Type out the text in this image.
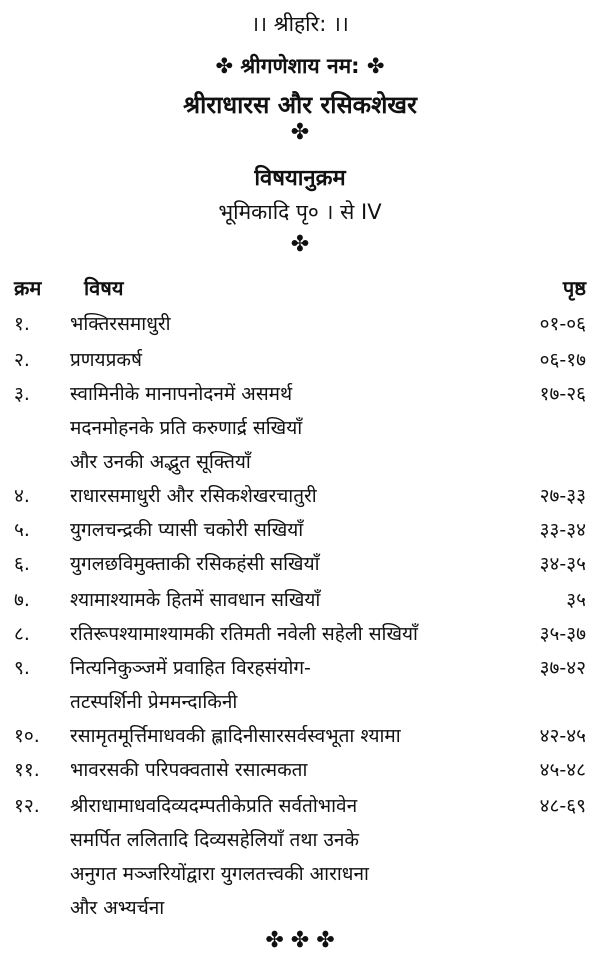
।। श्रीहरि: ।।
✤ श्रीगणेशाय नम: ✤
श्रीराधारस और रसिकशेखर
✤
विषयानुक्रम
भूमिकादि पृ० । से IV
✤
क्रम विषय	पृष्ठ
१. भक्तिरसमाधुरी	०१-०६
२. प्रणयप्रकर्ष	०६-१७
३. स्वामिनीके मानापनोदनमें असमर्थ	१७-२६
मदनमोहनके प्रति करुणार्द्र सखियाँ
और उनकी अद्भुत सूक्तियाँ
४. राधारसमाधुरी और रसिकशेखरचातुरी	२७-३३
५. युगलचन्द्रकी प्यासी चकोरी सखियाँ	३३-३४
६. युगलछविमुक्ताकी रसिकहंसी सखियाँ	३४-३५
७. श्यामाश्यामके हितमें सावधान सखियाँ	३५
८. रतिरूपश्यामाश्यामकी रतिमती नवेली सहेली सखियाँ	३५-३७
९. नित्यनिकुञ्जमें प्रवाहित विरहसंयोग-	३७-४२
तटस्पर्शिनी प्रेममन्दाकिनी
१०. रसामृतमूर्त्तिमाधवकी ह्लादिनीसारसर्वस्वभूता श्यामा	४२-४५
११. भावरसकी परिपक्वतासे रसात्मकता	४५-४८
१२. श्रीराधामाधवदिव्यदम्पतीकेप्रति सर्वतोभावेन	४८-६९
समर्पित ललितादि दिव्यसहेलियाँ तथा उनके
अनुगत मञ्जरियोंद्वारा युगलतत्त्वकी आराधना
और अभ्यर्चना
✤ ✤ ✤
